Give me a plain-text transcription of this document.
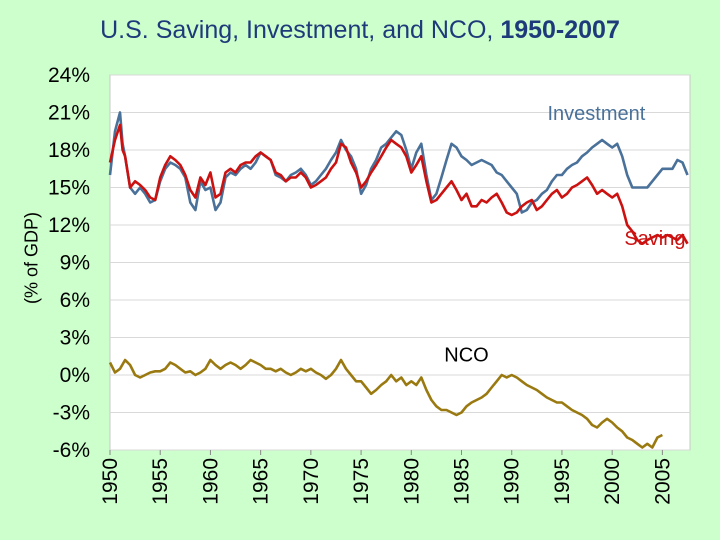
U.S. Saving, Investment, and NCO, 1950-2007
(% of GDP)
24%
21%
18%
15%
12%
9%
6%
3%
0%
-3%
-6%
1950 1955 1960 1965 1970 1975 1980 1985 1990 1995 2000 2005
Investment
Saving
NCO
